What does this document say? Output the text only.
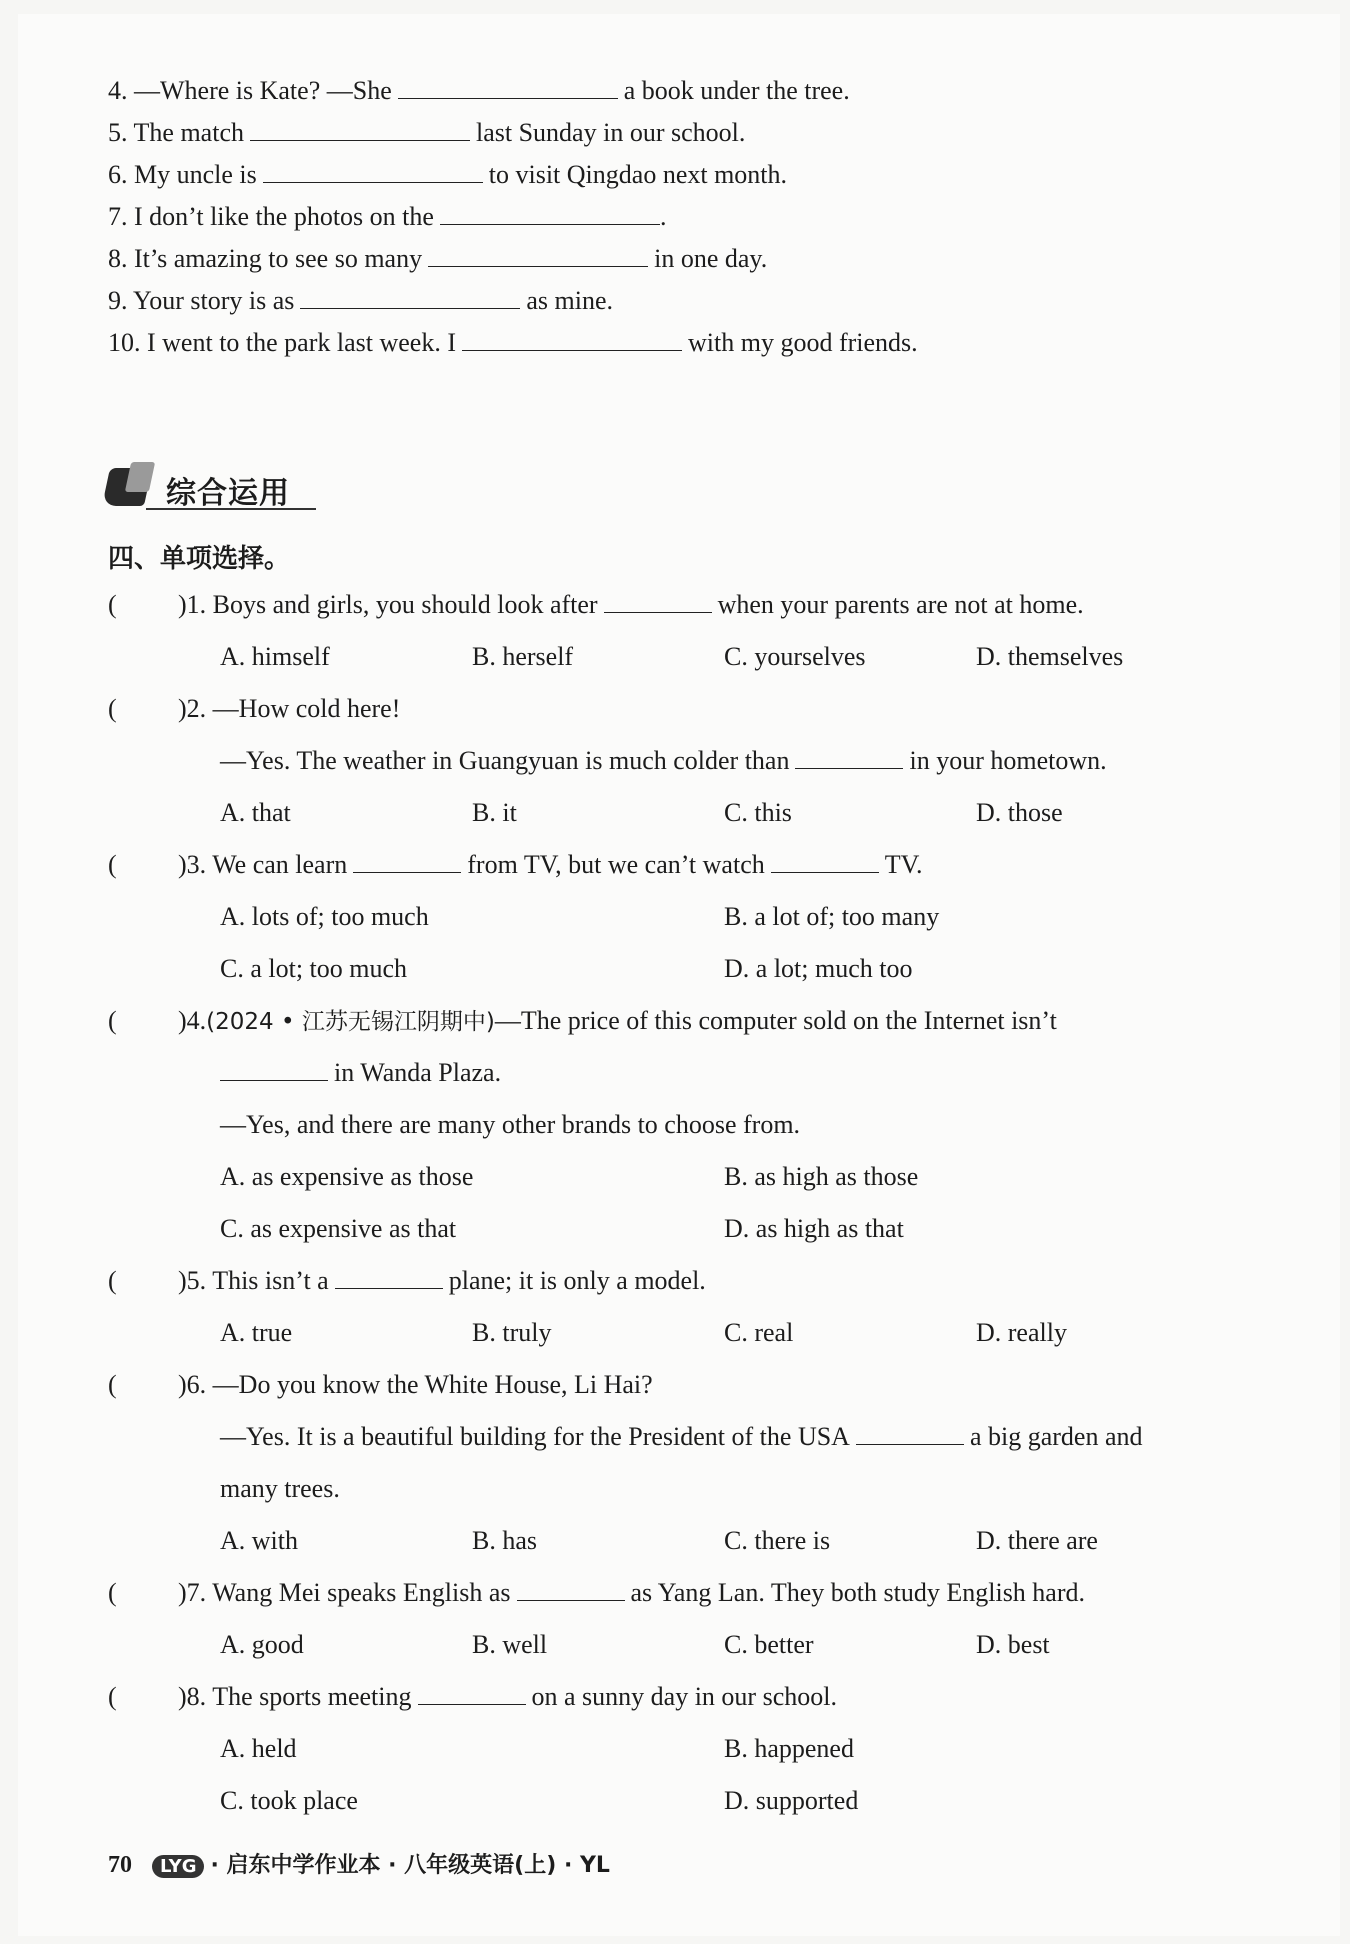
4. —Where is Kate? —She	a book under the tree.
5. The match	last Sunday in our school.
6. My uncle is	to visit Qingdao next month.
7. I don’t like the photos on the	.
8. It’s amazing to see so many	in one day.
9. Your story is as	as mine.
10. I went to the park last week. I	with my good friends.
综合运用
四、单项选择。
( )1. Boys and girls, you should look after	when your parents are not at home.
A. himself	B. herself	C. yourselves	D. themselves
( )2. —How cold here!
—Yes. The weather in Guangyuan is much colder than	in your hometown.
A. that	B. it	C. this	D. those
( )3. We can learn	from TV, but we can’t watch	TV.
A. lots of; too much	B. a lot of; too many
C. a lot; too much	D. a lot; much too
( )4.(2024 • 江苏无锡江阴期中)—The price of this computer sold on the Internet isn’t
in Wanda Plaza.
—Yes, and there are many other brands to choose from.
A. as expensive as those	B. as high as those
C. as expensive as that	D. as high as that
( )5. This isn’t a	plane; it is only a model.
A. true	B. truly	C. real	D. really
( )6. —Do you know the White House, Li Hai?
—Yes. It is a beautiful building for the President of the USA	a big garden and
many trees.
A. with	B. has	C. there is	D. there are
( )7. Wang Mei speaks English as	as Yang Lan. They both study English hard.
A. good	B. well	C. better	D. best
( )8. The sports meeting	on a sunny day in our school.
A. held	B. happened
C. took place	D. supported
70 LYG · 启东中学作业本 · 八年级英语(上) · YL
